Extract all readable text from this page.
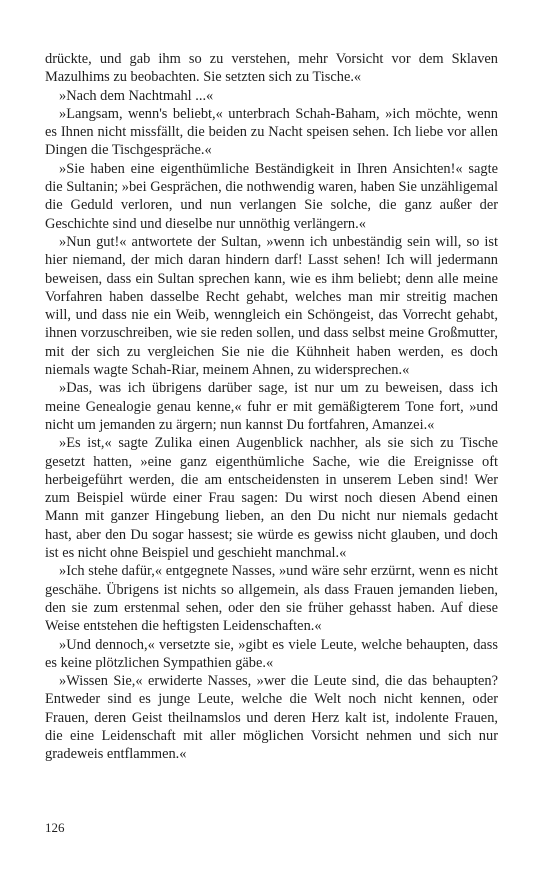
drückte, und gab ihm so zu verstehen, mehr Vorsicht vor dem Sklaven Mazulhims zu beobachten. Sie setzten sich zu Tische.«

»Nach dem Nachtmahl ...«

»Langsam, wenn's beliebt,« unterbrach Schah-Baham, »ich möchte, wenn es Ihnen nicht missfällt, die beiden zu Nacht speisen sehen. Ich liebe vor allen Dingen die Tischgespräche.«

»Sie haben eine eigenthümliche Beständigkeit in Ihren Ansichten!« sagte die Sultanin; »bei Gesprächen, die nothwendig waren, haben Sie unzähligemal die Geduld verloren, und nun verlangen Sie solche, die ganz außer der Geschichte sind und dieselbe nur unnöthig verlängern.«

»Nun gut!« antwortete der Sultan, »wenn ich unbeständig sein will, so ist hier niemand, der mich daran hindern darf! Lasst sehen! Ich will jedermann beweisen, dass ein Sultan sprechen kann, wie es ihm beliebt; denn alle meine Vorfahren haben dasselbe Recht gehabt, welches man mir streitig machen will, und dass nie ein Weib, wenngleich ein Schöngeist, das Vorrecht gehabt, ihnen vorzuschreiben, wie sie reden sollen, und dass selbst meine Großmutter, mit der sich zu vergleichen Sie nie die Kühnheit haben werden, es doch niemals wagte Schah-Riar, meinem Ahnen, zu widersprechen.«

»Das, was ich übrigens darüber sage, ist nur um zu beweisen, dass ich meine Genealogie genau kenne,« fuhr er mit gemäßigterem Tone fort, »und nicht um jemanden zu ärgern; nun kannst Du fortfahren, Amanzei.«

»Es ist,« sagte Zulika einen Augenblick nachher, als sie sich zu Tische gesetzt hatten, »eine ganz eigenthümliche Sache, wie die Ereignisse oft herbeigeführt werden, die am entscheidensten in unserem Leben sind! Wer zum Beispiel würde einer Frau sagen: Du wirst noch diesen Abend einen Mann mit ganzer Hingebung lieben, an den Du nicht nur niemals gedacht hast, aber den Du sogar hassest; sie würde es gewiss nicht glauben, und doch ist es nicht ohne Beispiel und geschieht manchmal.«

»Ich stehe dafür,« entgegnete Nasses, »und wäre sehr erzürnt, wenn es nicht geschähe. Übrigens ist nichts so allgemein, als dass Frauen jemanden lieben, den sie zum erstenmal sehen, oder den sie früher gehasst haben. Auf diese Weise entstehen die heftigsten Leidenschaften.«

»Und dennoch,« versetzte sie, »gibt es viele Leute, welche behaupten, dass es keine plötzlichen Sympathien gäbe.«

»Wissen Sie,« erwiderte Nasses, »wer die Leute sind, die das behaupten? Entweder sind es junge Leute, welche die Welt noch nicht kennen, oder Frauen, deren Geist theilnamslos und deren Herz kalt ist, indolente Frauen, die eine Leidenschaft mit aller möglichen Vorsicht nehmen und sich nur gradeweis entflammen.«

126
